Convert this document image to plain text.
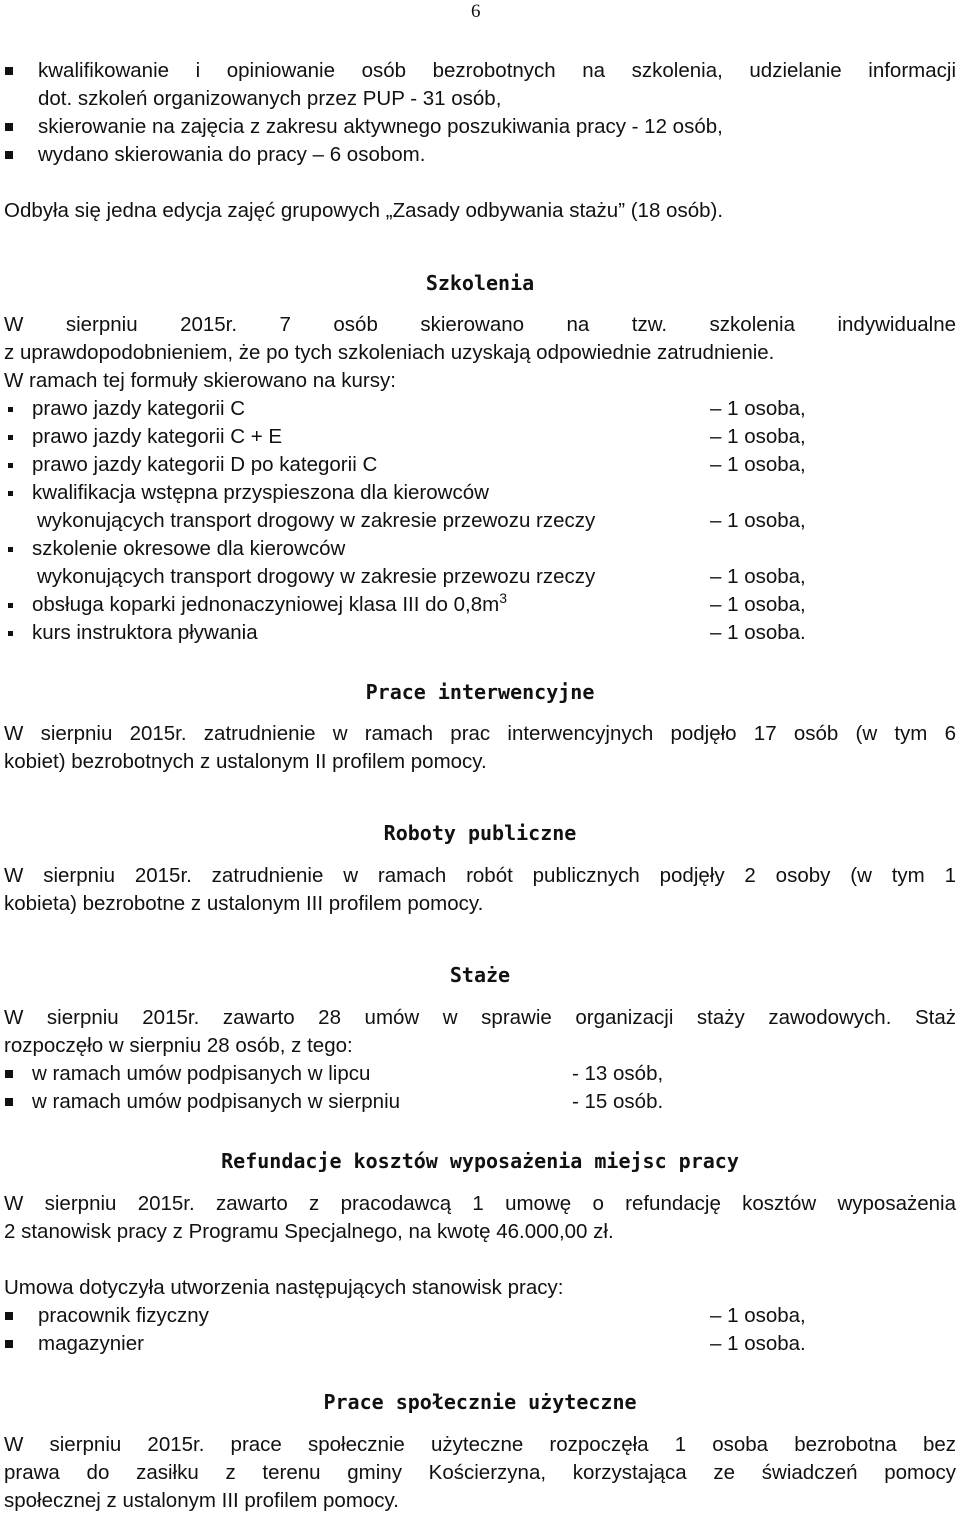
6
kwalifikowanie i opiniowanie osób bezrobotnych na szkolenia, udzielanie informacji
dot. szkoleń organizowanych przez PUP - 31 osób,
skierowanie na zajęcia z zakresu aktywnego poszukiwania pracy - 12 osób,
wydano skierowania do pracy – 6 osobom.
Odbyła się jedna edycja zajęć grupowych „Zasady odbywania stażu” (18 osób).
Szkolenia
W sierpniu 2015r. 7 osób skierowano na tzw. szkolenia indywidualne
z uprawdopodobnieniem, że po tych szkoleniach uzyskają odpowiednie zatrudnienie.
W ramach tej formuły skierowano na kursy:
prawo jazdy kategorii C	– 1 osoba,
prawo jazdy kategorii C + E	– 1 osoba,
prawo jazdy kategorii D po kategorii C	– 1 osoba,
kwalifikacja wstępna przyspieszona dla kierowców
wykonujących transport drogowy w zakresie przewozu rzeczy	– 1 osoba,
szkolenie okresowe dla kierowców
wykonujących transport drogowy w zakresie przewozu rzeczy	– 1 osoba,
obsługa koparki jednonaczyniowej klasa III do $0,8m^3$	– 1 osoba,
kurs instruktora pływania	– 1 osoba.
Prace interwencyjne
W sierpniu 2015r. zatrudnienie w ramach prac interwencyjnych podjęło 17 osób (w tym 6
kobiet) bezrobotnych z ustalonym II profilem pomocy.
Roboty publiczne
W sierpniu 2015r. zatrudnienie w ramach robót publicznych podjęły 2 osoby (w tym 1
kobieta) bezrobotne z ustalonym III profilem pomocy.
Staże
W sierpniu 2015r. zawarto 28 umów w sprawie organizacji staży zawodowych. Staż
rozpoczęło w sierpniu 28 osób, z tego:
w ramach umów podpisanych w lipcu	- 13 osób,
w ramach umów podpisanych w sierpniu	- 15 osób.
Refundacje kosztów wyposażenia miejsc pracy
W sierpniu 2015r. zawarto z pracodawcą 1 umowę o refundację kosztów wyposażenia
2 stanowisk pracy z Programu Specjalnego, na kwotę 46.000,00 zł.
Umowa dotyczyła utworzenia następujących stanowisk pracy:
pracownik fizyczny	– 1 osoba,
magazynier	– 1 osoba.
Prace społecznie użyteczne
W sierpniu 2015r. prace społecznie użyteczne rozpoczęła 1 osoba bezrobotna bez
prawa do zasiłku z terenu gminy Kościerzyna, korzystająca ze świadczeń pomocy
społecznej z ustalonym III profilem pomocy.
